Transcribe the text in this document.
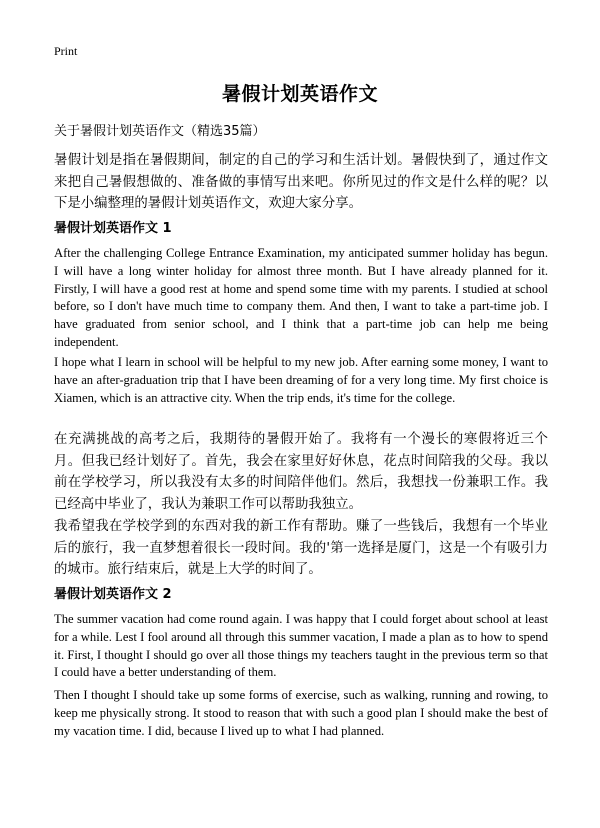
Print
暑假计划英语作文
关于暑假计划英语作文（精选35篇）

暑假计划是指在暑假期间，制定的自己的学习和生活计划。暑假快到了，通过作文来把自己暑假想做的、准备做的事情写出来吧。你所见过的作文是什么样的呢？以下是小编整理的暑假计划英语作文，欢迎大家分享。

暑假计划英语作文 1

After the challenging College Entrance Examination, my anticipated summer holiday has begun. I will have a long winter holiday for almost three month. But I have already planned for it. Firstly, I will have a good rest at home and spend some time with my parents. I studied at school before, so I don't have much time to company them. And then, I want to take a part-time job. I have graduated from senior school, and I think that a part-time job can help me being independent.

I hope what I learn in school will be helpful to my new job. After earning some money, I want to have an after-graduation trip that I have been dreaming of for a very long time. My first choice is Xiamen, which is an attractive city. When the trip ends, it's time for the college.

在充满挑战的高考之后，我期待的暑假开始了。我将有一个漫长的寒假将近三个月。但我已经计划好了。首先，我会在家里好好休息，花点时间陪我的父母。我以前在学校学习，所以我没有太多的时间陪伴他们。然后，我想找一份兼职工作。我已经高中毕业了，我认为兼职工作可以帮助我独立。

我希望我在学校学到的东西对我的新工作有帮助。赚了一些钱后，我想有一个毕业后的旅行，我一直梦想着很长一段时间。我的'第一选择是厦门，这是一个有吸引力的城市。旅行结束后，就是上大学的时间了。

暑假计划英语作文 2

The summer vacation had come round again. I was happy that I could forget about school at least for a while. Lest I fool around all through this summer vacation, I made a plan as to how to spend it. First, I thought I should go over all those things my teachers taught in the previous term so that I could have a better understanding of them.

Then I thought I should take up some forms of exercise, such as walking, running and rowing, to keep me physically strong. It stood to reason that with such a good plan I should make the best of my vacation time. I did, because I lived up to what I had planned.
